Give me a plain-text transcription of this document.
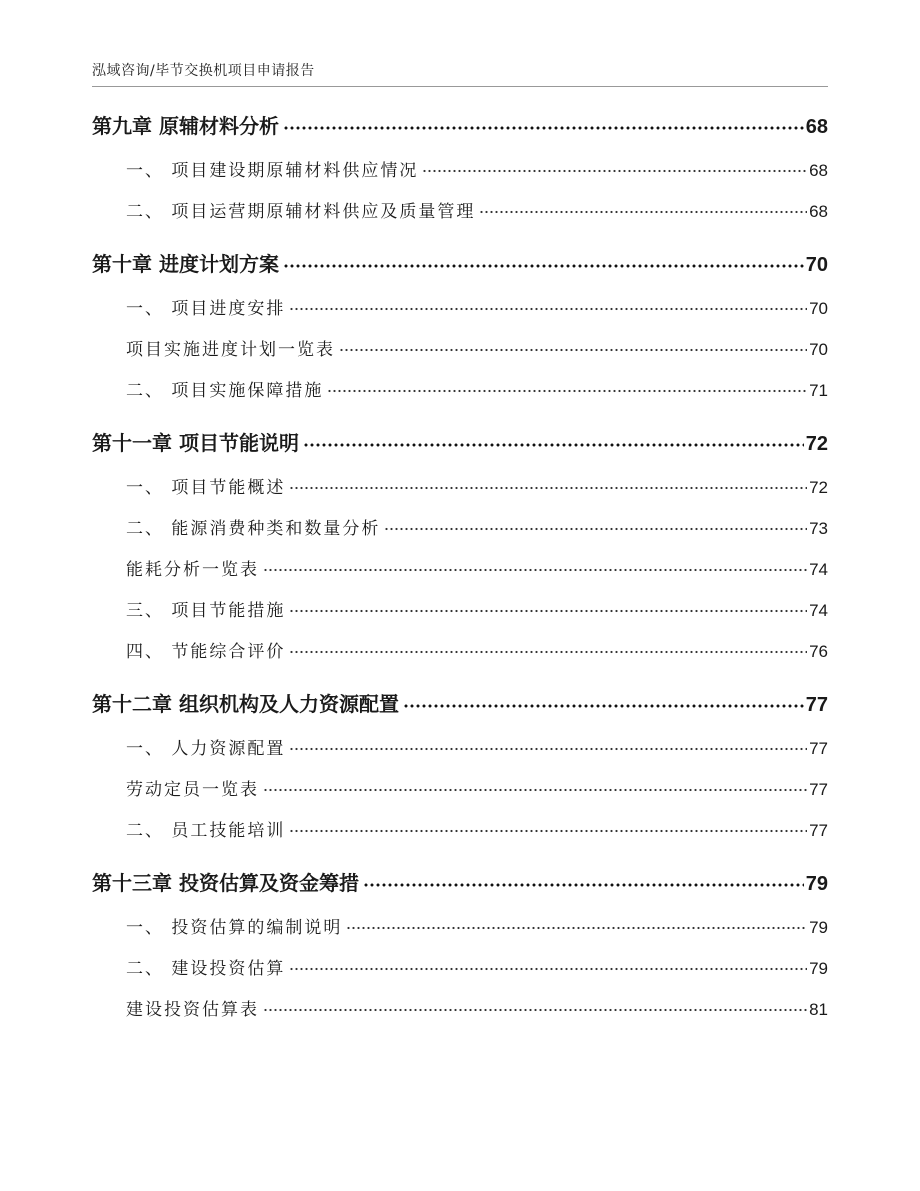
泓域咨询/毕节交换机项目申请报告
第九章 原辅材料分析	68
一、 项目建设期原辅材料供应情况	68
二、 项目运营期原辅材料供应及质量管理	68
第十章 进度计划方案	70
一、 项目进度安排	70
项目实施进度计划一览表	70
二、 项目实施保障措施	71
第十一章 项目节能说明	72
一、 项目节能概述	72
二、 能源消费种类和数量分析	73
能耗分析一览表	74
三、 项目节能措施	74
四、 节能综合评价	76
第十二章 组织机构及人力资源配置	77
一、 人力资源配置	77
劳动定员一览表	77
二、 员工技能培训	77
第十三章 投资估算及资金筹措	79
一、 投资估算的编制说明	79
二、 建设投资估算	79
建设投资估算表	81
